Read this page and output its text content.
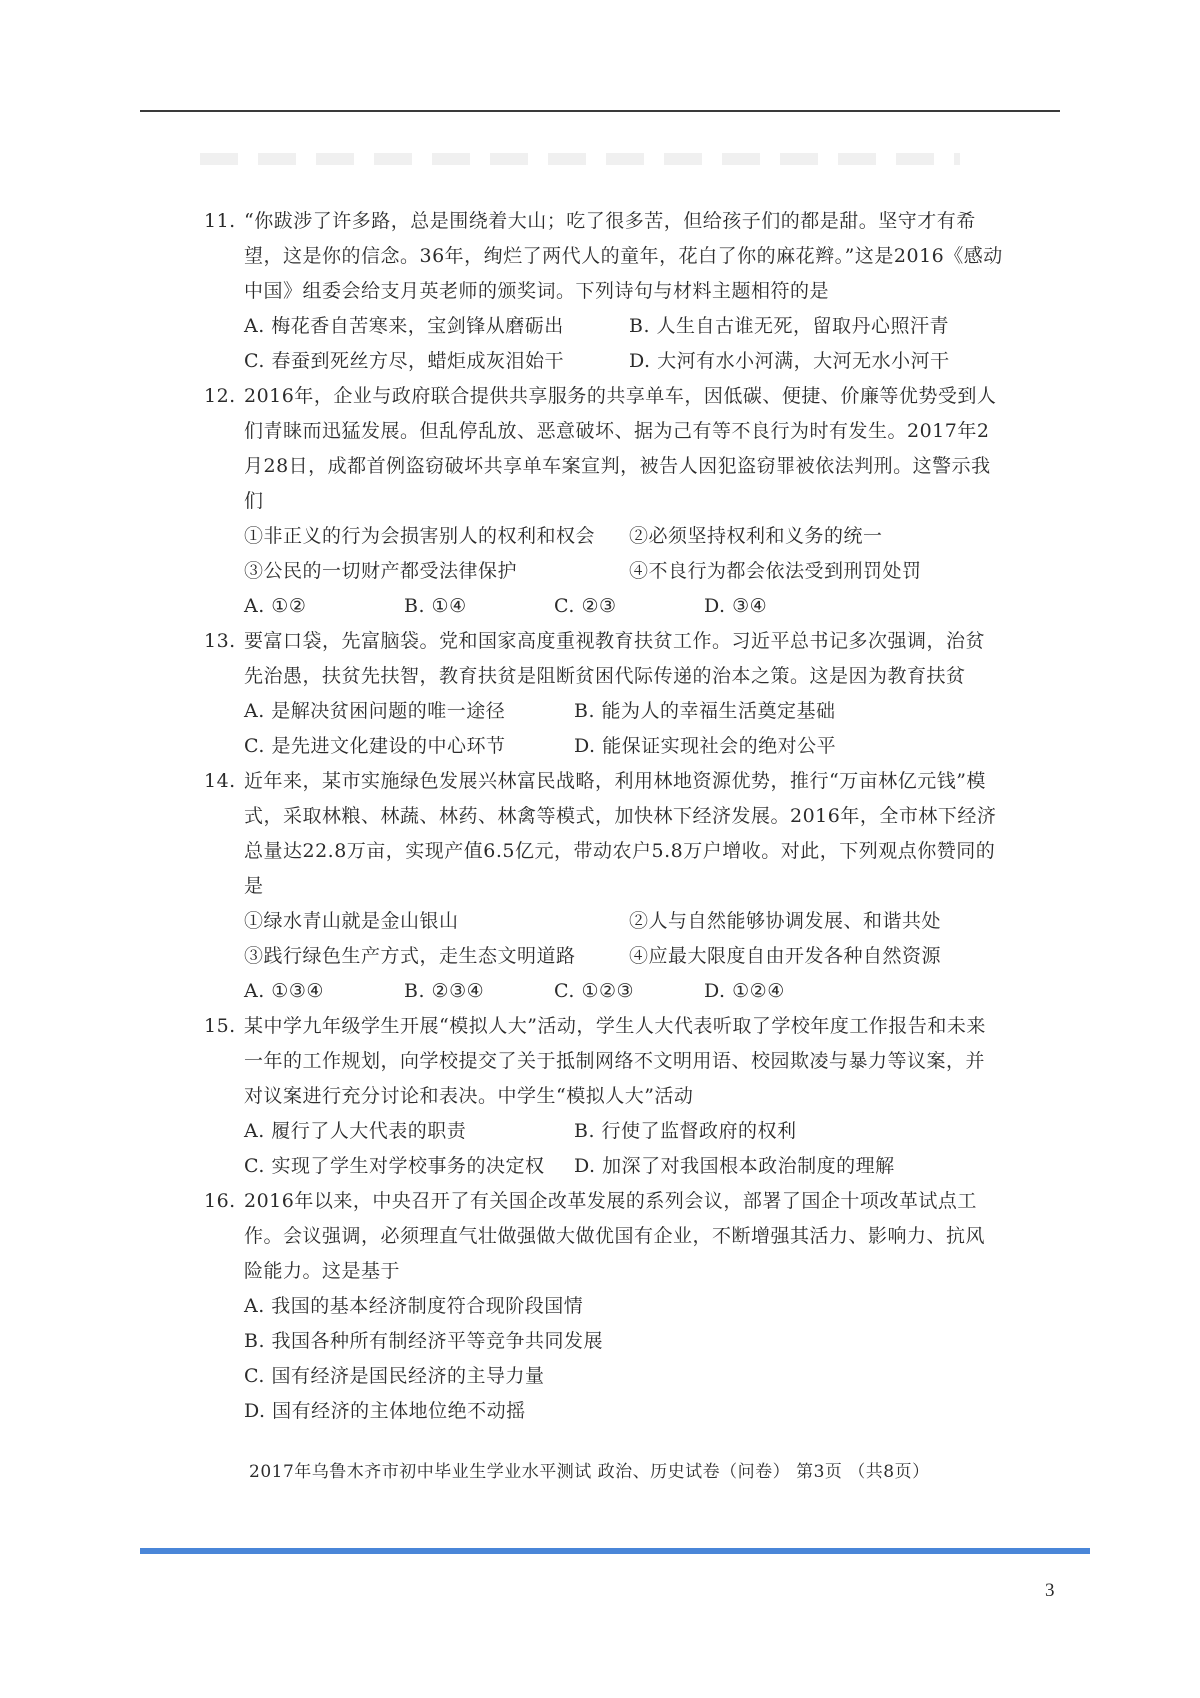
11. “你跋涉了许多路，总是围绕着大山；吃了很多苦，但给孩子们的都是甜。坚守才有希望，这是你的信念。36年，绚烂了两代人的童年，花白了你的麻花辫。”这是2016《感动中国》组委会给支月英老师的颁奖词。下列诗句与材料主题相符的是

A. 梅花香自苦寒来，宝剑锋从磨砺出	B. 人生自古谁无死，留取丹心照汗青
C. 春蚕到死丝方尽，蜡炬成灰泪始干	D. 大河有水小河满，大河无水小河干
12. 2016年，企业与政府联合提供共享服务的共享单车，因低碳、便捷、价廉等优势受到人们青睐而迅猛发展。但乱停乱放、恶意破坏、据为己有等不良行为时有发生。2017年2月28日，成都首例盗窃破坏共享单车案宣判，被告人因犯盗窃罪被依法判刑。这警示我们

①非正义的行为会损害别人的权利和权会 ②必须坚持权利和义务的统一
③公民的一切财产都受法律保护	④不良行为都会依法受到刑罚处罚
A. ①②	B. ①④	C. ②③	D. ③④
13. 要富口袋，先富脑袋。党和国家高度重视教育扶贫工作。习近平总书记多次强调，治贫先治愚，扶贫先扶智，教育扶贫是阻断贫困代际传递的治本之策。这是因为教育扶贫

A. 是解决贫困问题的唯一途径	B. 能为人的幸福生活奠定基础
C. 是先进文化建设的中心环节	D. 能保证实现社会的绝对公平
14. 近年来，某市实施绿色发展兴林富民战略，利用林地资源优势，推行“万亩林亿元钱”模式，采取林粮、林蔬、林药、林禽等模式，加快林下经济发展。2016年，全市林下经济总量达22.8万亩，实现产值6.5亿元，带动农户5.8万户增收。对此，下列观点你赞同的是

①绿水青山就是金山银山	②人与自然能够协调发展、和谐共处
③践行绿色生产方式，走生态文明道路	④应最大限度自由开发各种自然资源
A. ①③④	B. ②③④	C. ①②③	D. ①②④
15. 某中学九年级学生开展“模拟人大”活动，学生人大代表听取了学校年度工作报告和未来一年的工作规划，向学校提交了关于抵制网络不文明用语、校园欺凌与暴力等议案，并对议案进行充分讨论和表决。中学生“模拟人大”活动

A. 履行了人大代表的职责	B. 行使了监督政府的权利
C. 实现了学生对学校事务的决定权 D. 加深了对我国根本政治制度的理解
16. 2016年以来，中央召开了有关国企改革发展的系列会议，部署了国企十项改革试点工作。会议强调，必须理直气壮做强做大做优国有企业，不断增强其活力、影响力、抗风险能力。这是基于

A. 我国的基本经济制度符合现阶段国情
B. 我国各种所有制经济平等竞争共同发展
C. 国有经济是国民经济的主导力量
D. 国有经济的主体地位绝不动摇
2017年乌鲁木齐市初中毕业生学业水平测试 政治、历史试卷（问卷） 第3页 （共8页）
3
